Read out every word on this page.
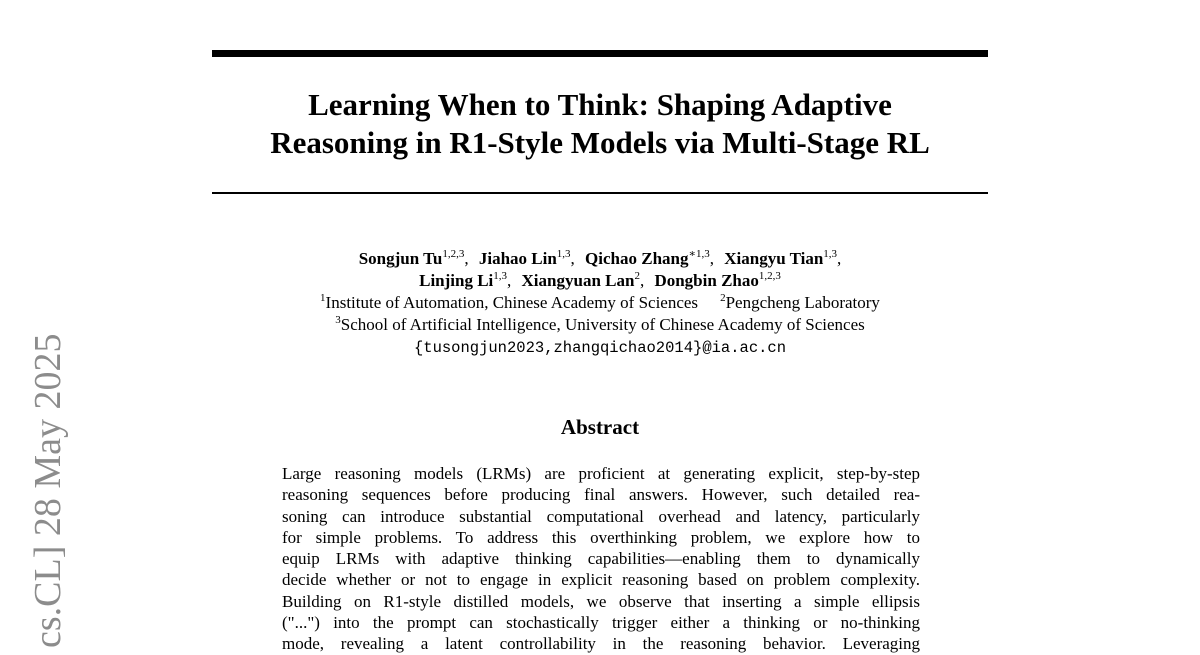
Learning When to Think: Shaping Adaptive
Reasoning in R1-Style Models via Multi-Stage RL
Songjun Tu$^{1,2,3}$, Jiahao Lin$^{1,3}$, Qichao Zhang$^{∗1,3}$, Xiangyu Tian$^{1,3}$,
Linjing Li$^{1,3}$, Xiangyuan Lan$^2$, Dongbin Zhao$^{1,2,3}$
$^1$Institute of Automation, Chinese Academy of Sciences $^2$Pengcheng Laboratory
$^3$School of Artificial Intelligence, University of Chinese Academy of Sciences
{tusongjun2023,zhangqichao2014}@ia.ac.cn
Abstract
Large reasoning models (LRMs) are proficient at generating explicit, step-by-step
reasoning sequences before producing final answers. However, such detailed rea-
soning can introduce substantial computational overhead and latency, particularly
for simple problems. To address this overthinking problem, we explore how to
equip LRMs with adaptive thinking capabilities—enabling them to dynamically
decide whether or not to engage in explicit reasoning based on problem complexity.
Building on R1-style distilled models, we observe that inserting a simple ellipsis
("...") into the prompt can stochastically trigger either a thinking or no-thinking
mode, revealing a latent controllability in the reasoning behavior. Leveraging
cs.CL] 28 May 2025
